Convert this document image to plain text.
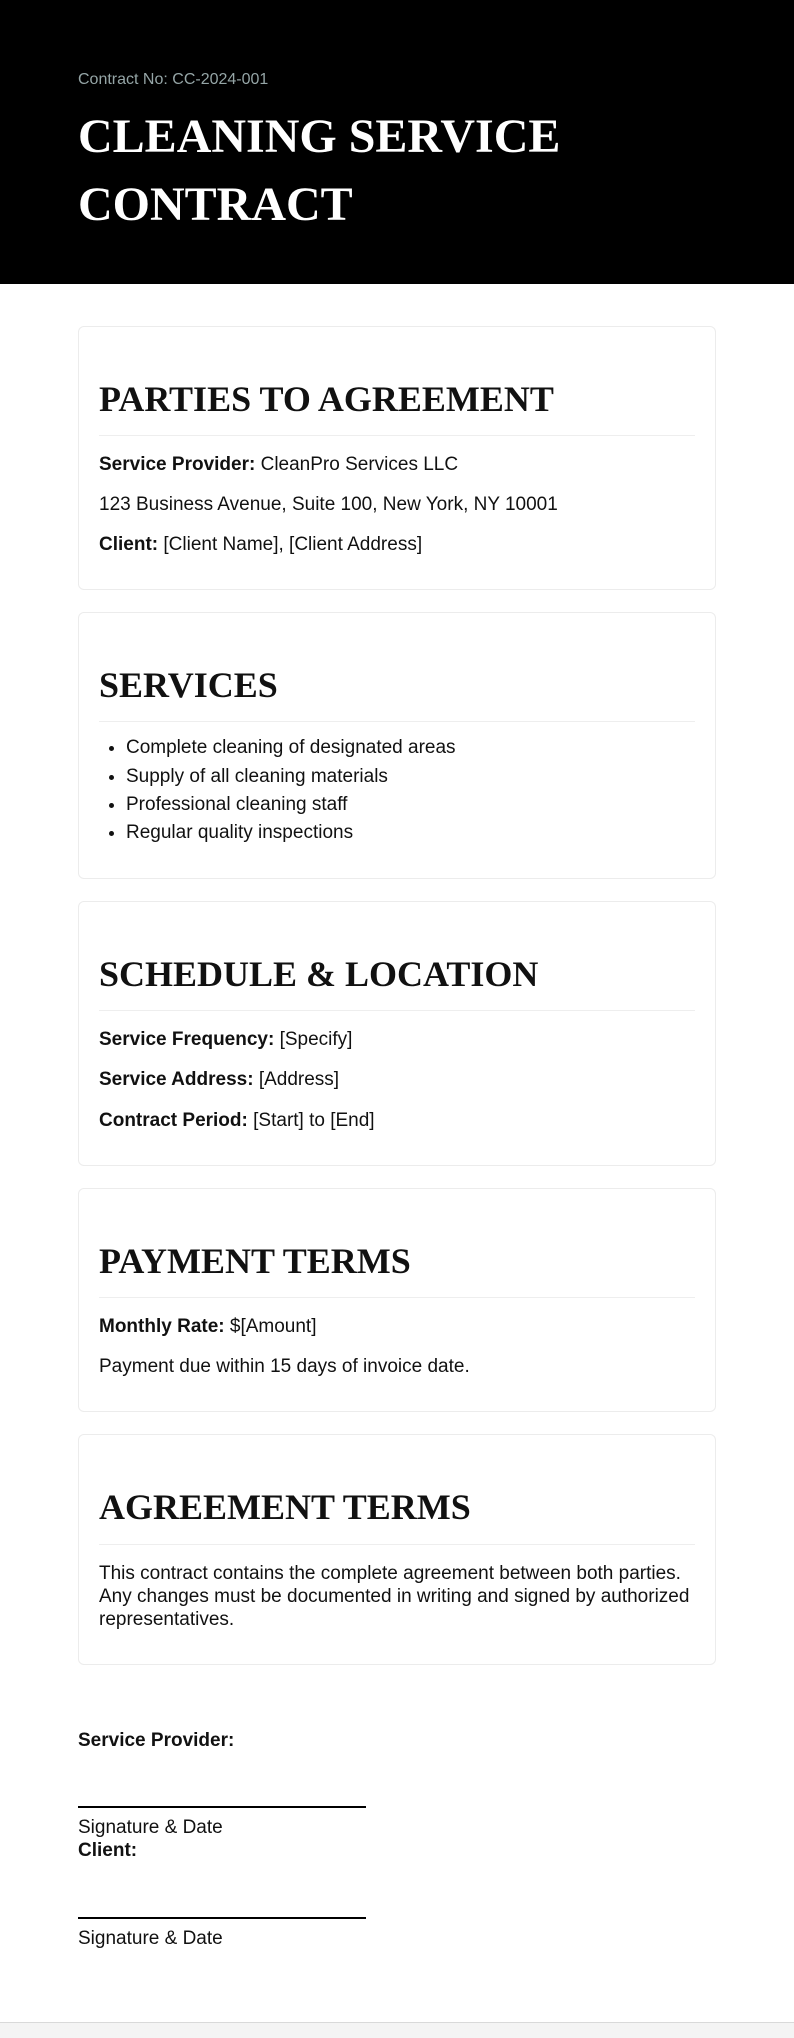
Contract No: CC-2024-001

CLEANING SERVICE CONTRACT
PARTIES TO AGREEMENT

Service Provider: CleanPro Services LLC

123 Business Avenue, Suite 100, New York, NY 10001

Client: [Client Name], [Client Address]

SERVICES
• Complete cleaning of designated areas
• Supply of all cleaning materials
• Professional cleaning staff
• Regular quality inspections
SCHEDULE & LOCATION

Service Frequency: [Specify]

Service Address: [Address]

Contract Period: [Start] to [End]

PAYMENT TERMS

Monthly Rate: $[Amount]

Payment due within 15 days of invoice date.

AGREEMENT TERMS

This contract contains the complete agreement between both parties. Any changes must be documented in writing and signed by authorized representatives.

Service Provider:

Signature & Date

Client:

Signature & Date
